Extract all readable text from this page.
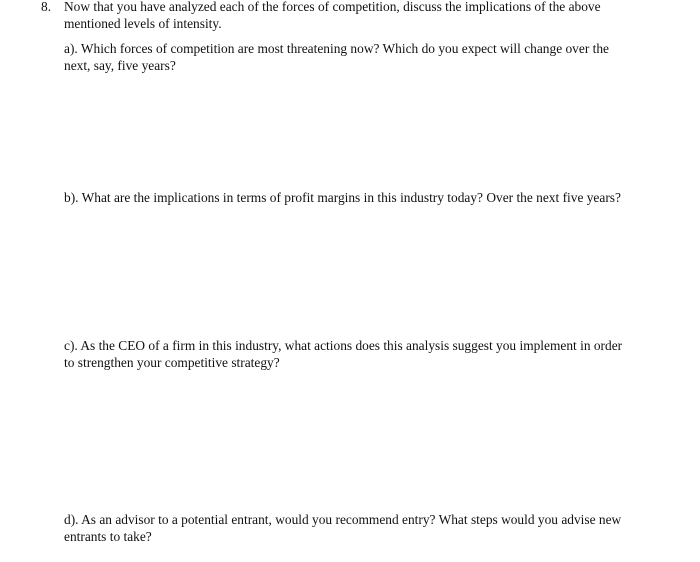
8. Now that you have analyzed each of the forces of competition, discuss the implications of the above mentioned levels of intensity.
a). Which forces of competition are most threatening now? Which do you expect will change over the next, say, five years?
b). What are the implications in terms of profit margins in this industry today? Over the next five years?
c). As the CEO of a firm in this industry, what actions does this analysis suggest you implement in order to strengthen your competitive strategy?
d). As an advisor to a potential entrant, would you recommend entry? What steps would you advise new entrants to take?
